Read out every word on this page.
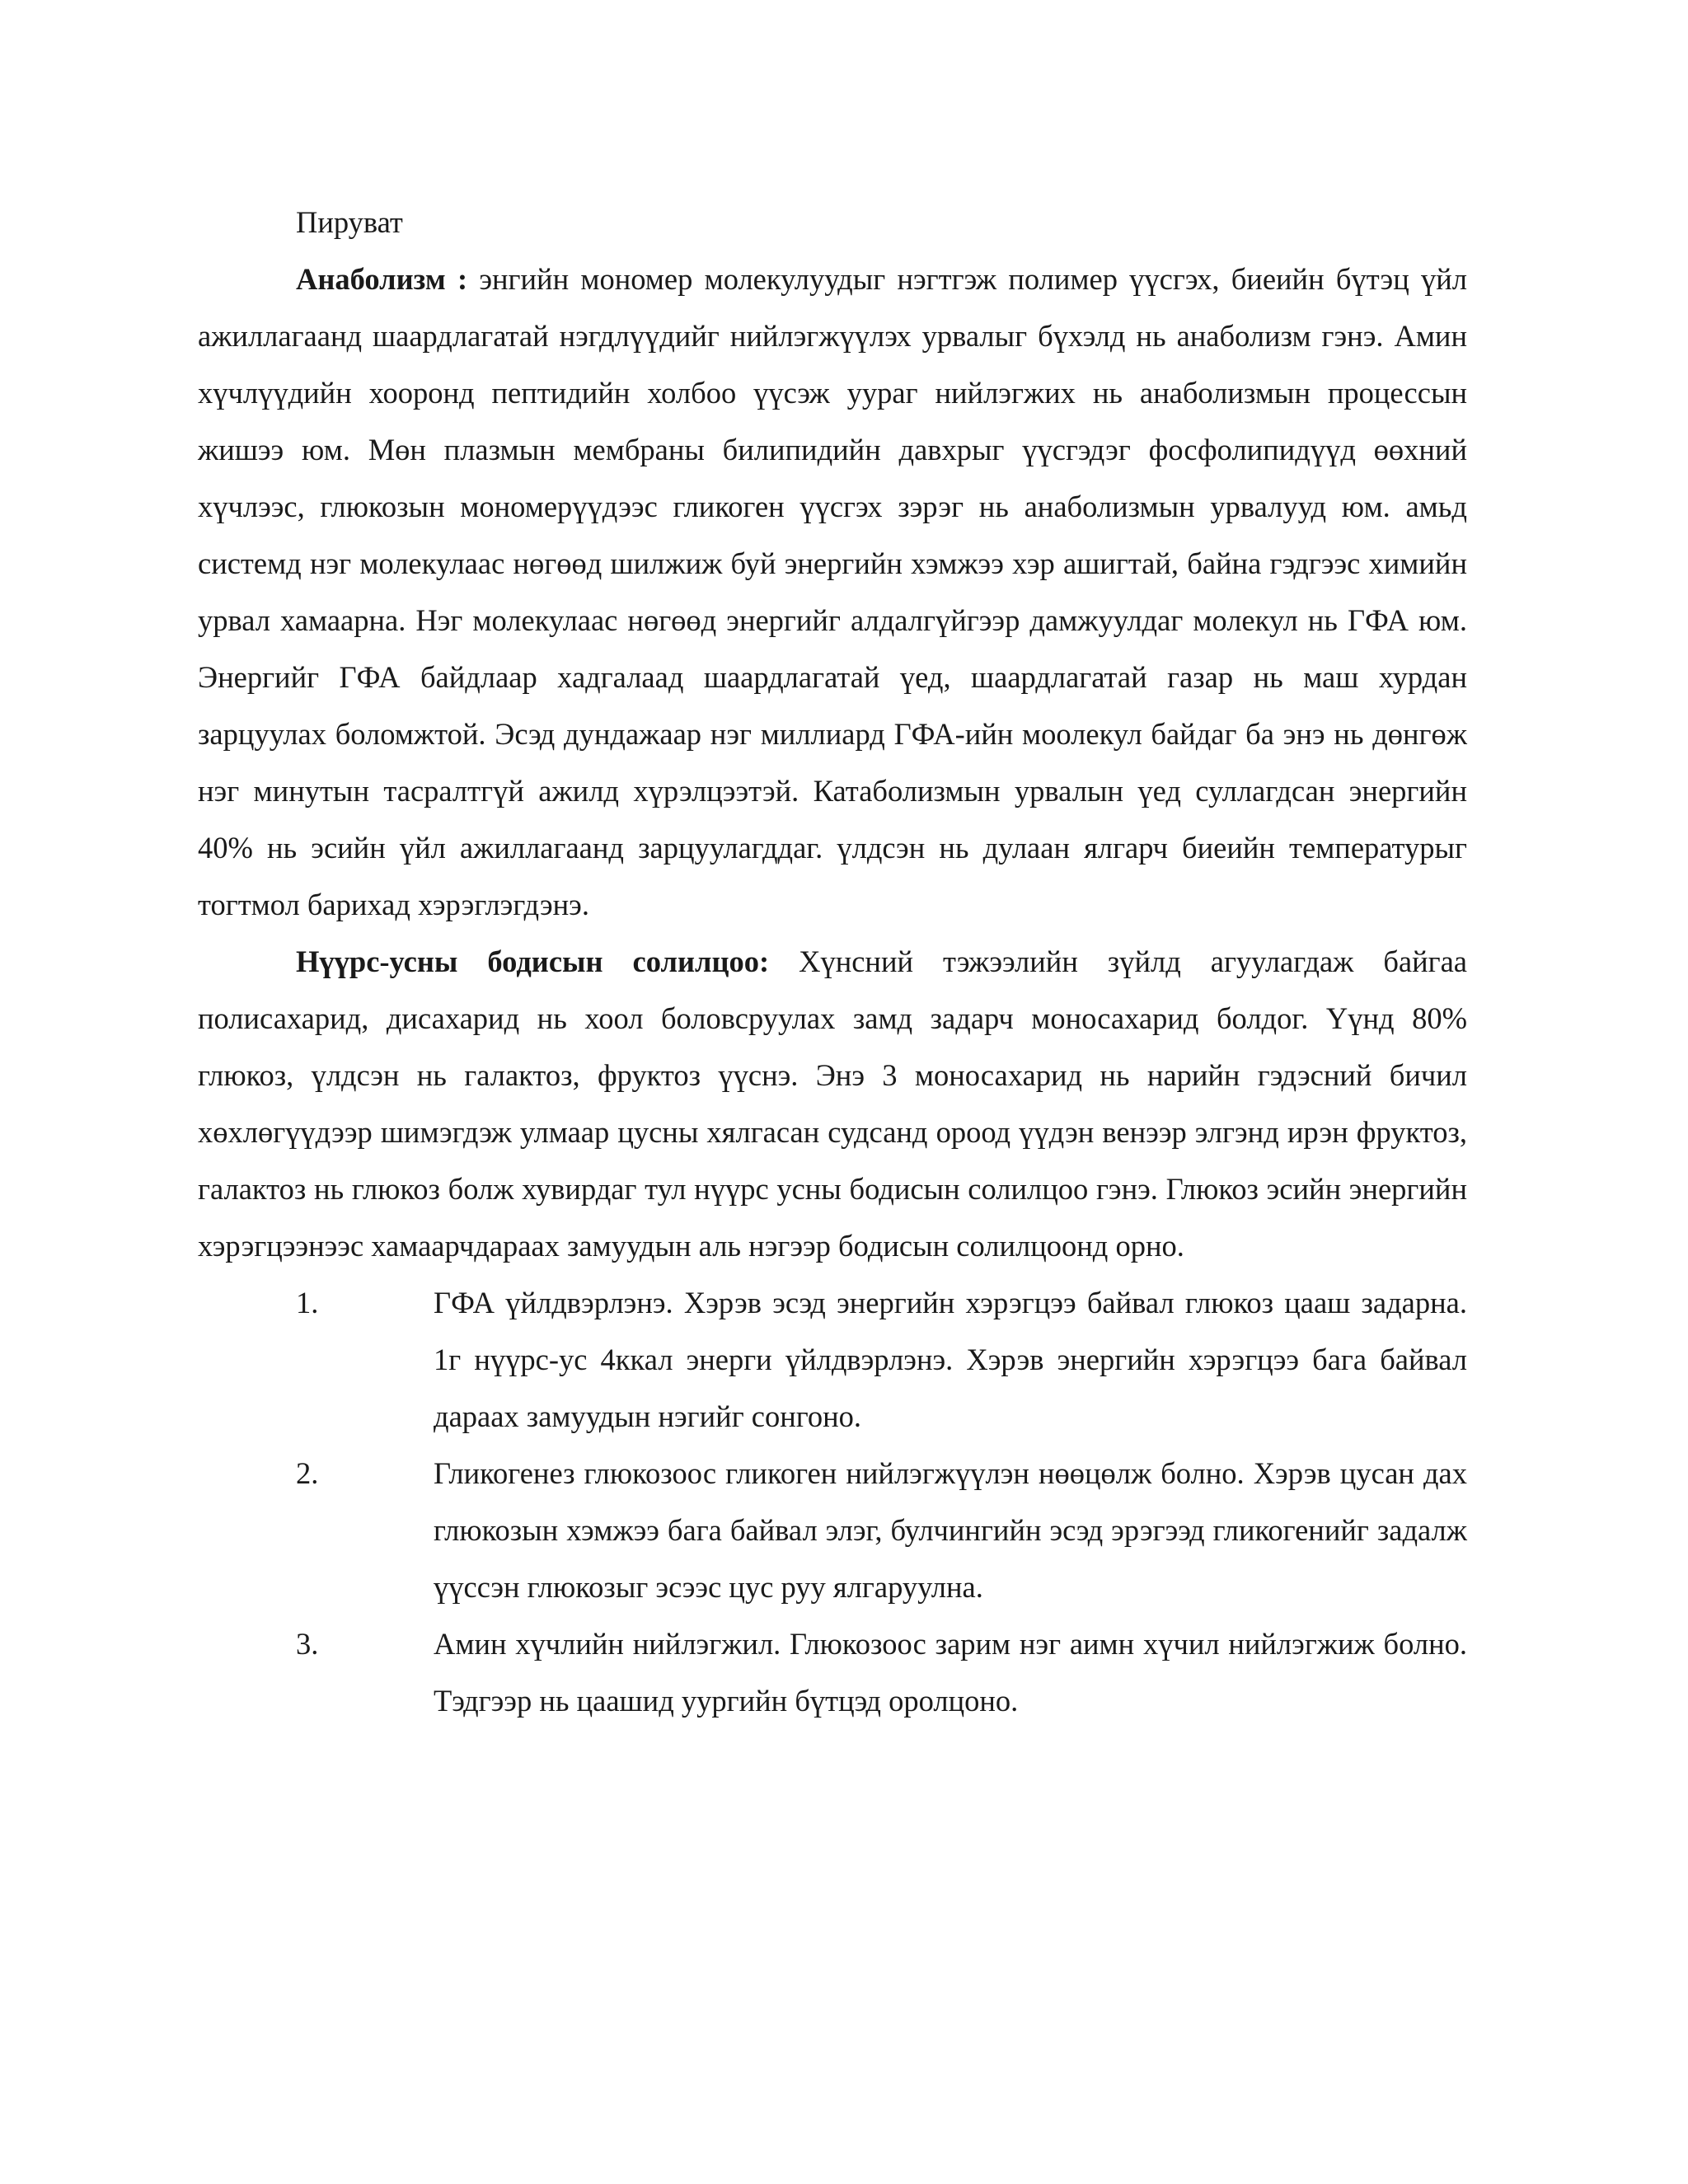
Пируват

Анаболизм : энгийн мономер молекулуудыг нэгтгэж полимер үүсгэх, биеийн бүтэц үйл ажиллагаанд шаардлагатай нэгдлүүдийг нийлэгжүүлэх урвалыг бүхэлд нь анаболизм гэнэ. Амин хүчлүүдийн хооронд пептидийн холбоо үүсэж уураг нийлэгжих нь анаболизмын процессын жишээ юм. Мөн плазмын мембраны билипидийн давхрыг үүсгэдэг фосфолипидүүд өөхний хүчлээс, глюкозын мономерүүдээс гликоген үүсгэх зэрэг нь анаболизмын урвалууд юм. амьд системд нэг молекулаас нөгөөд шилжиж буй энергийн хэмжээ хэр ашигтай, байна гэдгээс химийн урвал хамаарна. Нэг молекулаас нөгөөд энергийг алдалгүйгээр дамжуулдаг молекул нь ГФА юм. Энергийг ГФА байдлаар хадгалаад шаардлагатай үед, шаардлагатай газар нь маш хурдан зарцуулах боломжтой. Эсэд дундажаар нэг миллиард ГФА-ийн моолекул байдаг ба энэ нь дөнгөж нэг минутын тасралтгүй ажилд хүрэлцээтэй. Катаболизмын урвалын үед суллагдсан энергийн 40% нь эсийн үйл ажиллагаанд зарцуулагддаг. үлдсэн нь дулаан ялгарч биеийн температурыг тогтмол барихад хэрэглэгдэнэ.

Нүүрс-усны бодисын солилцоо: Хүнсний тэжээлийн зүйлд агуулагдаж байгаа полисахарид, дисахарид нь хоол боловсруулах замд задарч моносахарид болдог. Үүнд 80% глюкоз, үлдсэн нь галактоз, фруктоз үүснэ. Энэ 3 моносахарид нь нарийн гэдэсний бичил хөхлөгүүдээр шимэгдэж улмаар цусны хялгасан судсанд ороод үүдэн венээр элгэнд ирэн фруктоз, галактоз нь глюкоз болж хувирдаг тул нүүрс усны бодисын солилцоо гэнэ. Глюкоз эсийн энергийн хэрэгцээнээс хамаарчдараах замуудын аль нэгээр бодисын солилцоонд орно.

1.	ГФА үйлдвэрлэнэ. Хэрэв эсэд энергийн хэрэгцээ байвал глюкоз цааш задарна. 1г нүүрс-ус 4ккал энерги үйлдвэрлэнэ. Хэрэв энергийн хэрэгцээ бага байвал дараах замуудын нэгийг сонгоно.
2.	Гликогенез глюкозоос гликоген нийлэгжүүлэн нөөцөлж болно. Хэрэв цусан дах глюкозын хэмжээ бага байвал элэг, булчингийн эсэд эрэгээд гликогенийг задалж үүссэн глюкозыг эсээс цус руу ялгаруулна.
3.	Амин хүчлийн нийлэгжил. Глюкозоос зарим нэг аимн хүчил нийлэгжиж болно. Тэдгээр нь цаашид уургийн бүтцэд оролцоно.
